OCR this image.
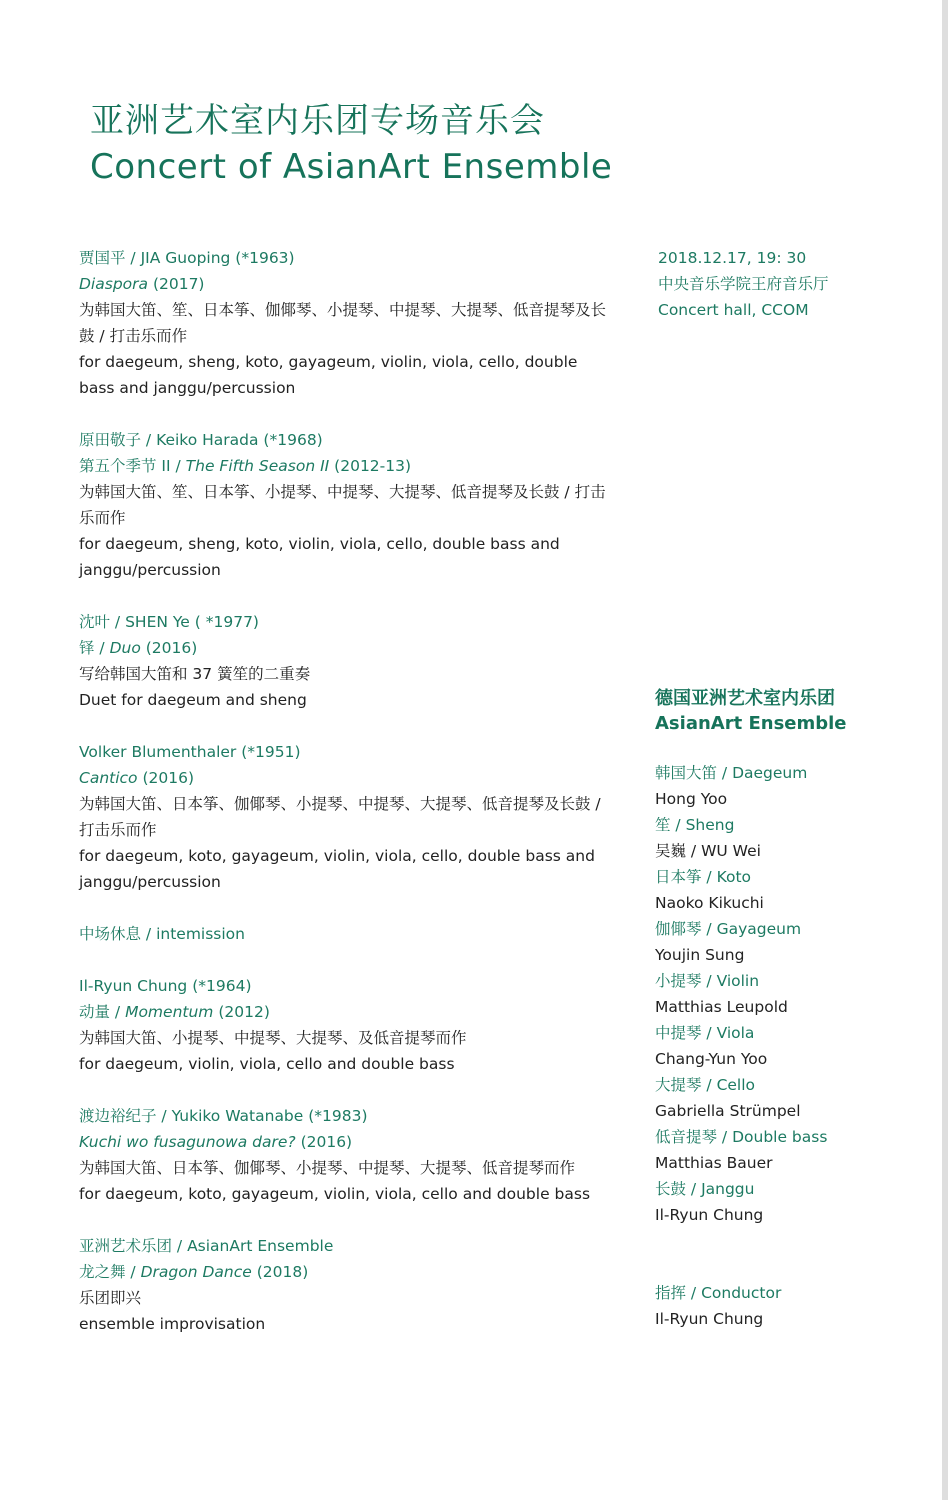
亚洲艺术室内乐团专场音乐会
Concert of AsianArt Ensemble
贾国平 / JIA Guoping (*1963)
Diaspora (2017)
为韩国大笛、笙、日本筝、伽倻琴、小提琴、中提琴、大提琴、低音提琴及长鼓 / 打击乐而作
for daegeum, sheng, koto, gayageum, violin, viola, cello, double bass and janggu/percussion
原田敬子 / Keiko Harada (*1968)
第五个季节 II / The Fifth Season II (2012-13)
为韩国大笛、笙、日本筝、小提琴、中提琴、大提琴、低音提琴及长鼓 / 打击乐而作
for daegeum, sheng, koto, violin, viola, cello, double bass and janggu/percussion
沈叶 / SHEN Ye ( *1977)
铎 / Duo (2016)
写给韩国大笛和 37 簧笙的二重奏
Duet for daegeum and sheng
Volker Blumenthaler (*1951)
Cantico (2016)
为韩国大笛、日本筝、伽倻琴、小提琴、中提琴、大提琴、低音提琴及长鼓 / 打击乐而作
for daegeum, koto, gayageum, violin, viola, cello, double bass and janggu/percussion
中场休息 / intemission
Il-Ryun Chung (*1964)
动量 / Momentum (2012)
为韩国大笛、小提琴、中提琴、大提琴、及低音提琴而作
for daegeum, violin, viola, cello and double bass
渡边裕纪子 / Yukiko Watanabe (*1983)
Kuchi wo fusagunowa dare? (2016)
为韩国大笛、日本筝、伽倻琴、小提琴、中提琴、大提琴、低音提琴而作
for daegeum, koto, gayageum, violin, viola, cello and double bass
亚洲艺术乐团 / AsianArt Ensemble
龙之舞 / Dragon Dance (2018)
乐团即兴
ensemble improvisation
2018.12.17, 19: 30
中央音乐学院王府音乐厅
Concert hall, CCOM
德国亚洲艺术室内乐团
AsianArt Ensemble
韩国大笛 / Daegeum
Hong Yoo
笙 / Sheng
吴巍 / WU Wei
日本筝 / Koto
Naoko Kikuchi
伽倻琴 / Gayageum
Youjin Sung
小提琴 / Violin
Matthias Leupold
中提琴 / Viola
Chang-Yun Yoo
大提琴 / Cello
Gabriella Strümpel
低音提琴 / Double bass
Matthias Bauer
长鼓 / Janggu
Il-Ryun Chung
指挥 / Conductor
Il-Ryun Chung
